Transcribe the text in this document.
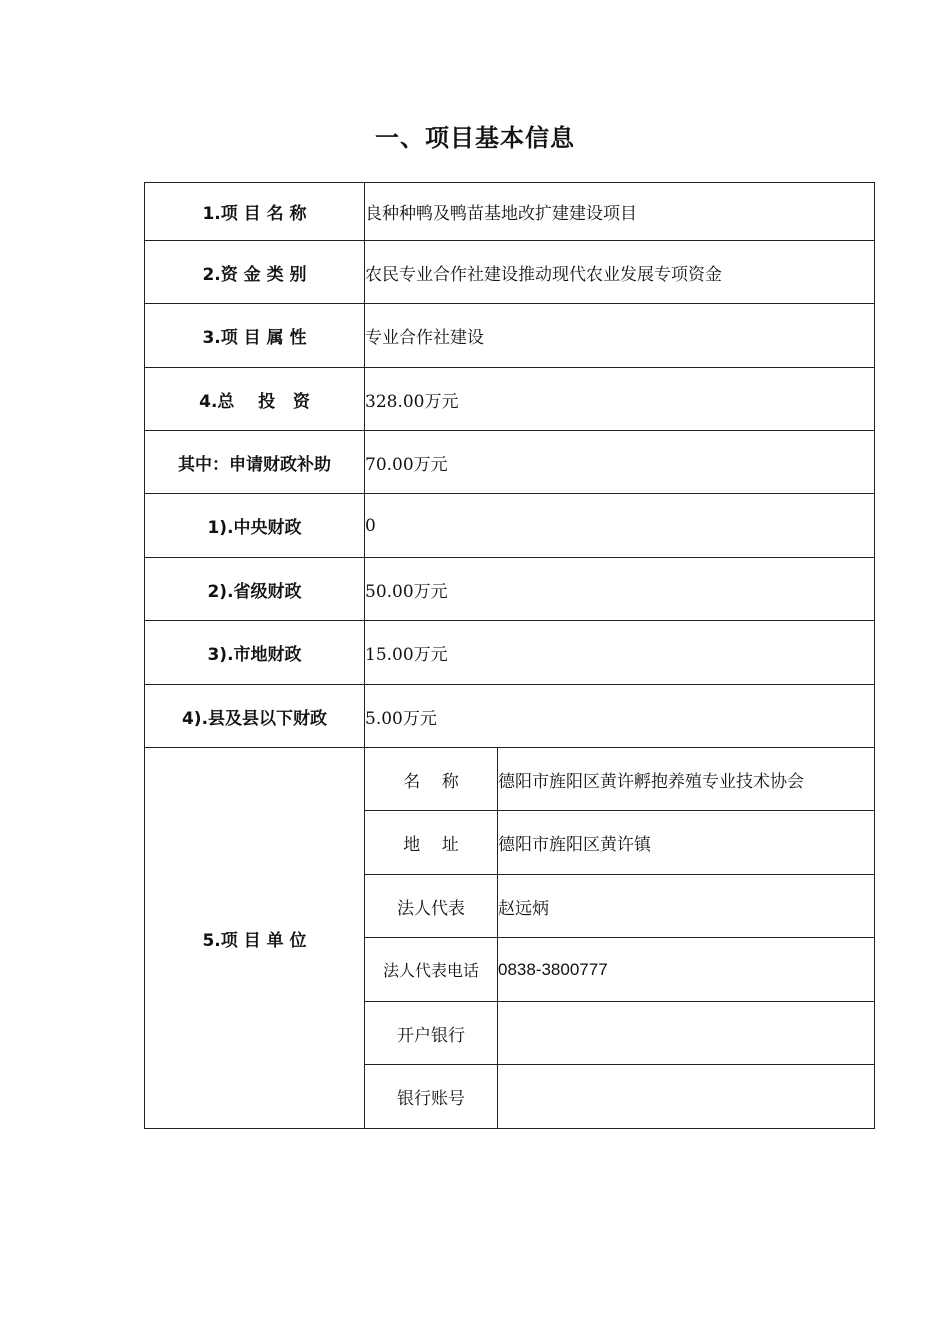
一、项目基本信息
1.项 目 名 称	良种种鸭及鸭苗基地改扩建建设项目	
2.资 金 类 别	农民专业合作社建设推动现代农业发展专项资金	
3.项 目 属 性	专业合作社建设	
4.总    投   资	328.00万元	
其中：申请财政补助	70.00万元	
1).中央财政	0	
2).省级财政	50.00万元	
3).市地财政	15.00万元	
4).县及县以下财政	5.00万元	
5.项 目 单 位	名    称	德阳市旌阳区黄许孵抱养殖专业技术协会
	地    址	德阳市旌阳区黄许镇
	法人代表	赵远炳
	法人代表电话	0838-3800777
	开户银行	
	银行账号	
